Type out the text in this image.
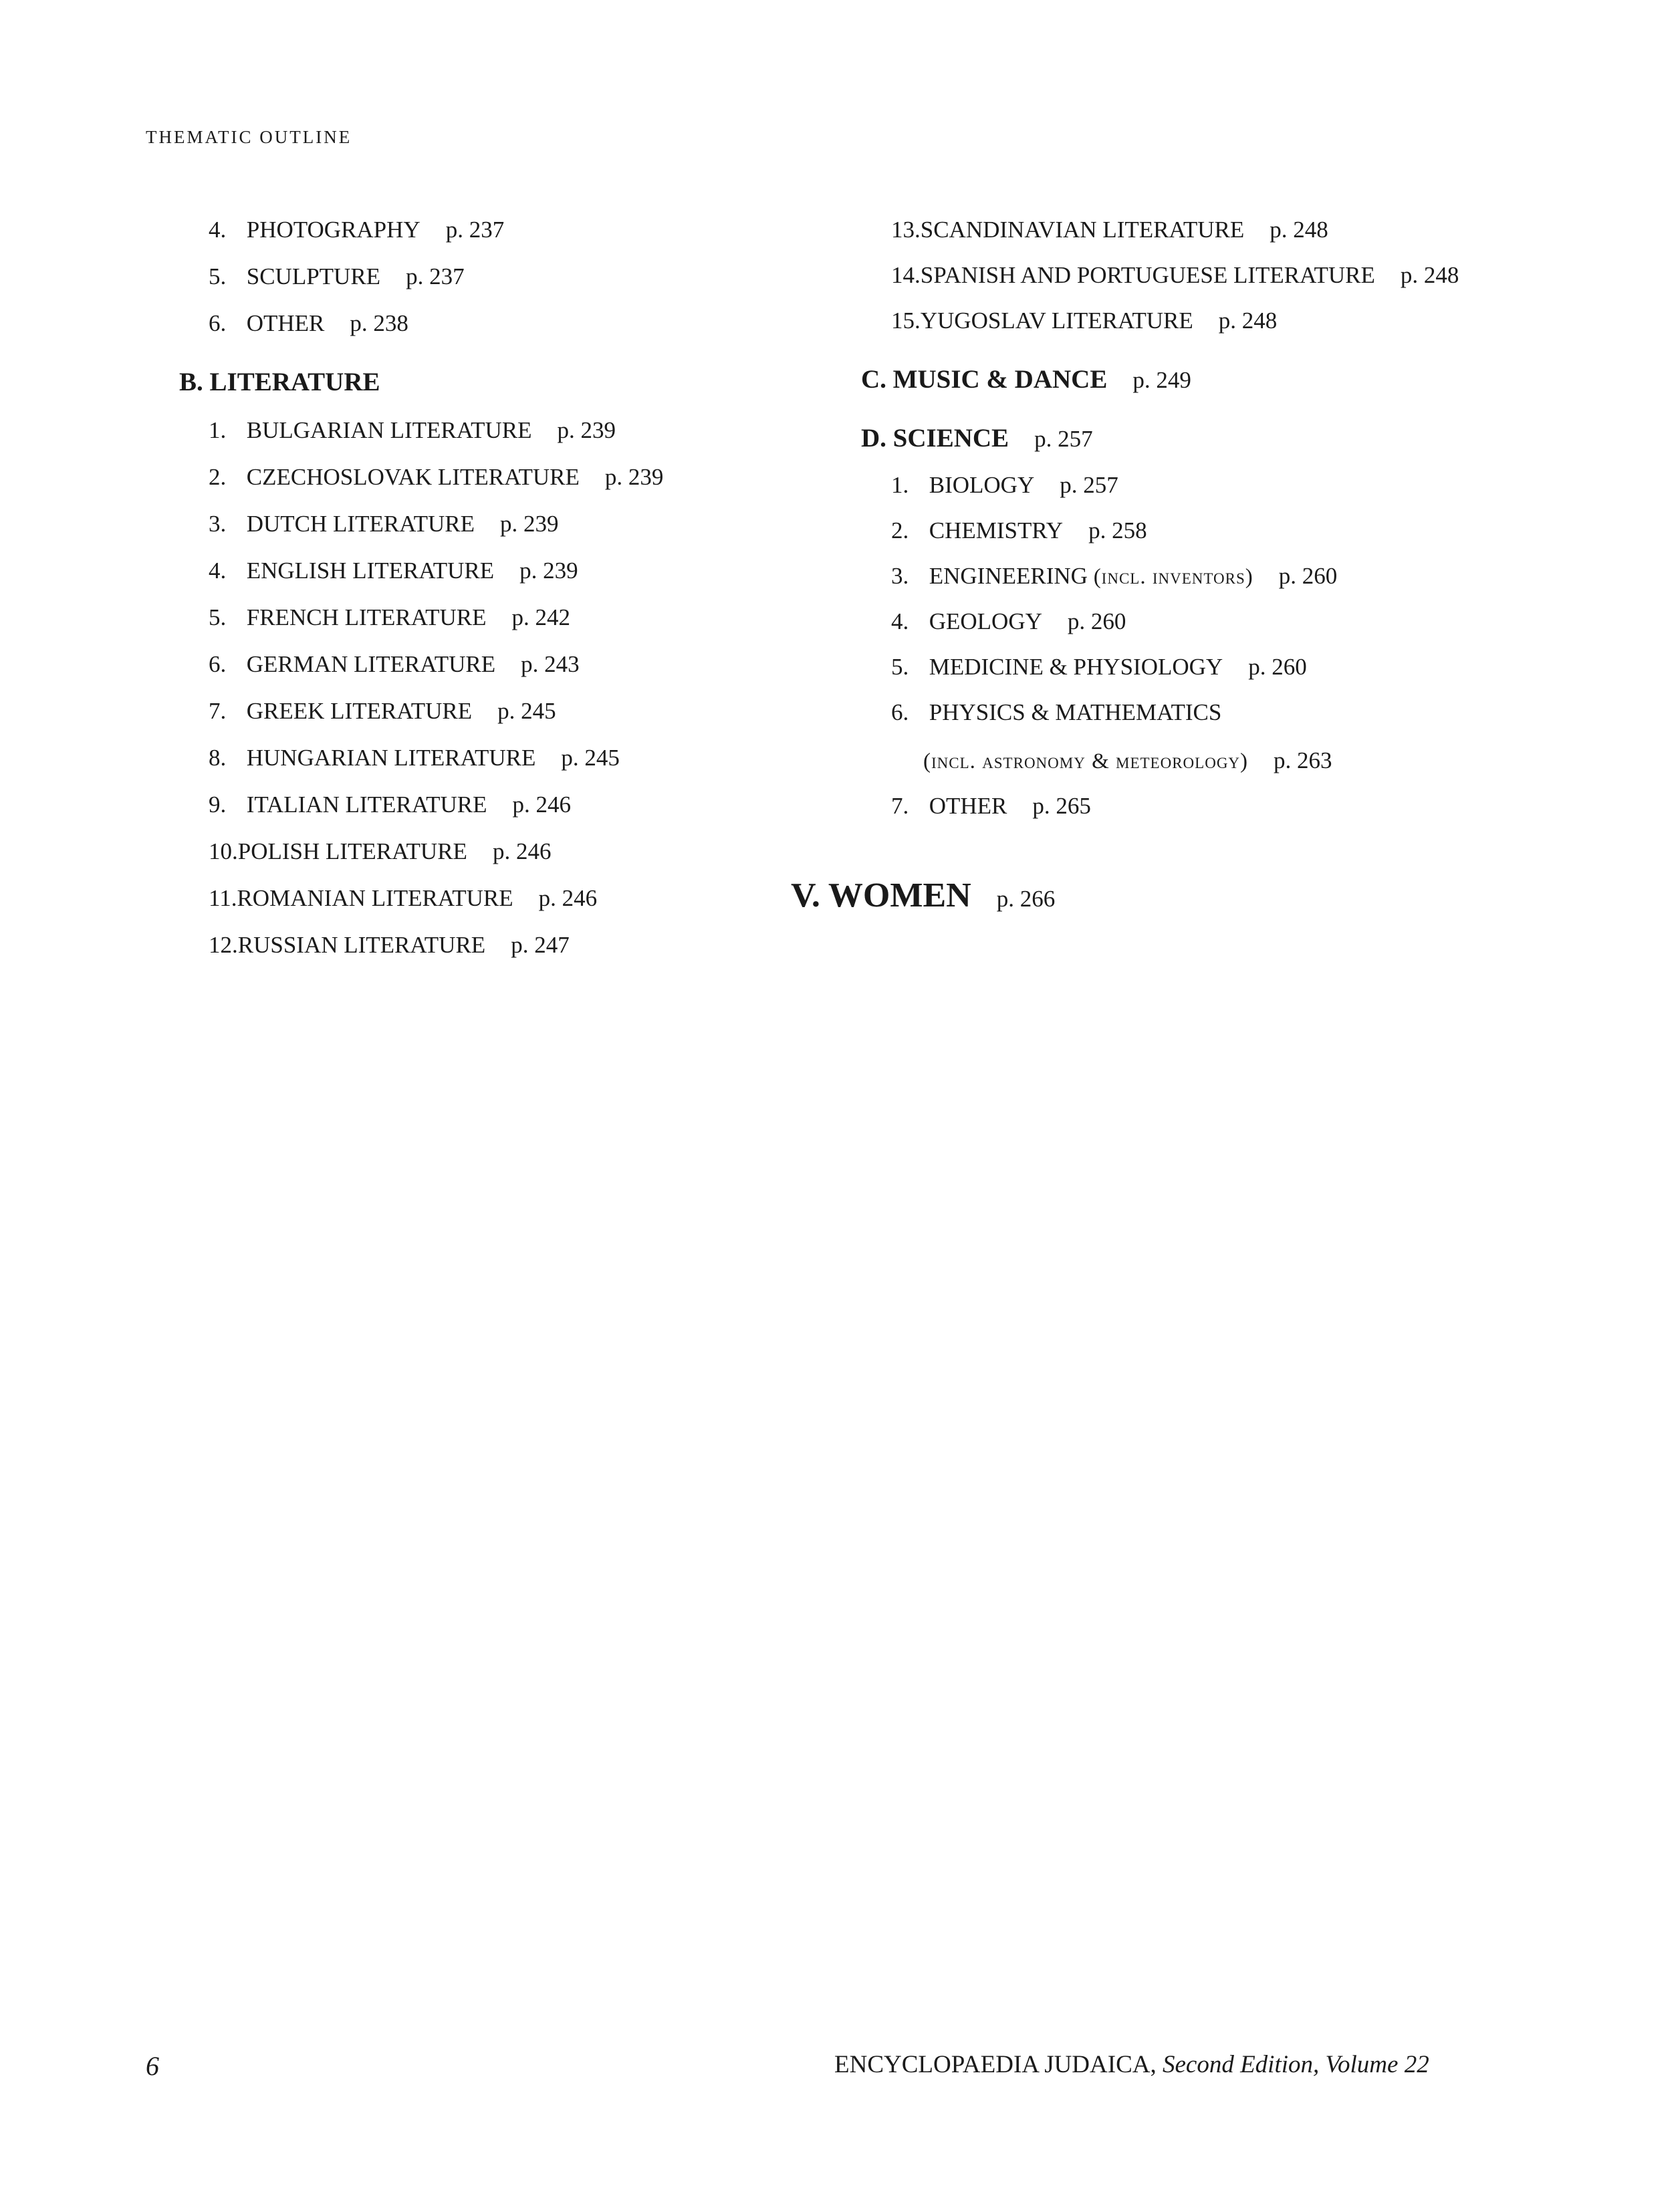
THEMATIC OUTLINE
4. PHOTOGRAPHY p. 237
5. SCULPTURE p. 237
6. OTHER p. 238
B. LITERATURE
1. BULGARIAN LITERATURE p. 239
2. CZECHOSLOVAK LITERATURE p. 239
3. DUTCH LITERATURE p. 239
4. ENGLISH LITERATURE p. 239
5. FRENCH LITERATURE p. 242
6. GERMAN LITERATURE p. 243
7. GREEK LITERATURE p. 245
8. HUNGARIAN LITERATURE p. 245
9. ITALIAN LITERATURE p. 246
10.POLISH LITERATURE p. 246
11.ROMANIAN LITERATURE p. 246
12.RUSSIAN LITERATURE p. 247
13.SCANDINAVIAN LITERATURE p. 248
14.SPANISH AND PORTUGUESE LITERATURE p. 248
15.YUGOSLAV LITERATURE p. 248
C. MUSIC & DANCE p. 249
D. SCIENCE p. 257
1. BIOLOGY p. 257
2. CHEMISTRY p. 258
3. ENGINEERING (incl. inventors) p. 260
4. GEOLOGY p. 260
5. MEDICINE & PHYSIOLOGY p. 260
6. PHYSICS & MATHEMATICS
(incl. astronomy & meteorology) p. 263
7. OTHER p. 265
V. WOMEN p. 266
6	ENCYCLOPAEDIA JUDAICA, Second Edition, Volume 22
